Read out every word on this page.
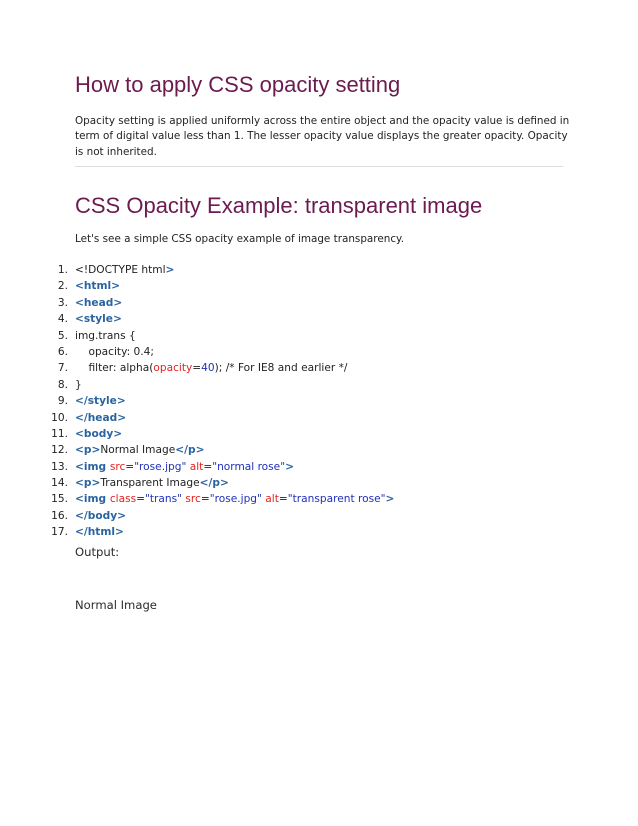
How to apply CSS opacity setting

Opacity setting is applied uniformly across the entire object and the opacity value is defined in term of digital value less than 1. The lesser opacity value displays the greater opacity. Opacity is not inherited.

CSS Opacity Example: transparent image

Let's see a simple CSS opacity example of image transparency.

1. <!DOCTYPE html>
2. <html>
3. <head>
4. <style>
5. img.trans {
6. opacity: 0.4;
7. filter: alpha(opacity=40); /* For IE8 and earlier */
8. }
9. </style>
10. </head>
11. <body>
12. <p>Normal Image</p>
13. <img src="rose.jpg" alt="normal rose">
14. <p>Transparent Image</p>
15. <img class="trans" src="rose.jpg" alt="transparent rose">
16. </body>
17. </html>

Output:

Normal Image
